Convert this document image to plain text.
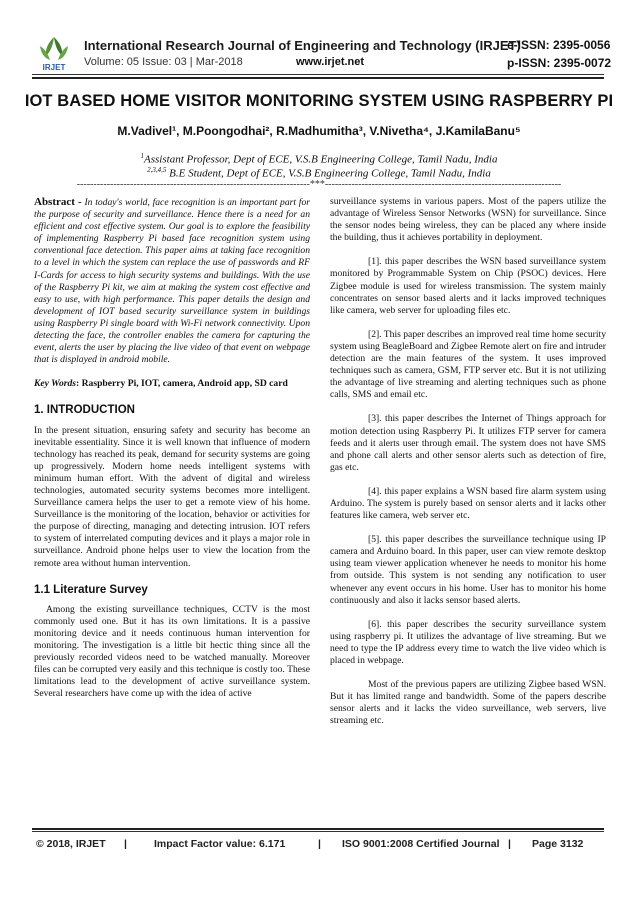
IRJET
International Research Journal of Engineering and Technology (IRJET)
e-ISSN: 2395-0056
Volume: 05 Issue: 03 | Mar-2018	www.irjet.net	p-ISSN: 2395-0072
IOT BASED HOME VISITOR MONITORING SYSTEM USING RASPBERRY PI
M.Vadivel¹, M.Poongodhai², R.Madhumitha³, V.Nivetha⁴, J.KamilaBanu⁵
$^1$Assistant Professor, Dept of ECE, V.S.B Engineering College, Tamil Nadu, India
$^{2,3,4,5}$ B.E Student, Dept of ECE, V.S.B Engineering College, Tamil Nadu, India
----------------------------------------------------------------------***-----------------------------------------------------------------------

Abstract - In today's world, face recognition is an important part for the purpose of security and surveillance. Hence there is a need for an efficient and cost effective system. Our goal is to explore the feasibility of implementing Raspberry Pi based face recognition system using conventional face detection. This paper aims at taking face recognition to a level in which the system can replace the use of passwords and RF I-Cards for access to high security systems and buildings. With the use of the Raspberry Pi kit, we aim at making the system cost effective and easy to use, with high performance. This paper details the design and development of IOT based security surveillance system in buildings using Raspberry Pi single board with Wi-Fi network connectivity. Upon detecting the face, the controller enables the camera for capturing the event, alerts the user by placing the live video of that event on webpage that is displayed in android mobile.

Key Words: Raspberry Pi, IOT, camera, Android app, SD card

1. INTRODUCTION

In the present situation, ensuring safety and security has become an inevitable essentiality. Since it is well known that influence of modern technology has reached its peak, demand for security systems are going up progressively. Modern home needs intelligent systems with minimum human effort. With the advent of digital and wireless technologies, automated security systems becomes more intelligent. Surveillance camera helps the user to get a remote view of his home. Surveillance is the monitoring of the location, behavior or activities for the purpose of directing, managing and detecting intrusion. IOT refers to system of interrelated computing devices and it plays a major role in surveillance. Android phone helps user to view the location from the remote area without human intervention.

1.1 Literature Survey

Among the existing surveillance techniques, CCTV is the most commonly used one. But it has its own limitations. It is a passive monitoring device and it needs continuous human intervention for monitoring. The investigation is a little bit hectic thing since all the previously recorded videos need to be watched manually. Moreover files can be corrupted very easily and this technique is costly too. These limitations lead to the development of active surveillance system. Several researchers have come up with the idea of active

surveillance systems in various papers. Most of the papers utilize the advantage of Wireless Sensor Networks (WSN) for surveillance. Since the sensor nodes being wireless, they can be placed any where inside the building, thus it achieves portability in deployment.

[1]. this paper describes the WSN based surveillance system monitored by Programmable System on Chip (PSOC) devices. Here Zigbee module is used for wireless transmission. The system mainly concentrates on sensor based alerts and it lacks improved techniques like camera, web server for uploading files etc.

[2]. This paper describes an improved real time home security system using BeagleBoard and Zigbee Remote alert on fire and intruder detection are the main features of the system. It uses improved techniques such as camera, GSM, FTP server etc. But it is not utilizing the advantage of live streaming and alerting techniques such as phone calls, SMS and email etc.

[3]. this paper describes the Internet of Things approach for motion detection using Raspberry Pi. It utilizes FTP server for camera feeds and it alerts user through email. The system does not have SMS and phone call alerts and other sensor alerts such as detection of fire, gas etc.

[4]. this paper explains a WSN based fire alarm system using Arduino. The system is purely based on sensor alerts and it lacks other features like camera, web server etc.

[5]. this paper describes the surveillance technique using IP camera and Arduino board. In this paper, user can view remote desktop using team viewer application whenever he needs to monitor his home from outside. This system is not sending any notification to user whenever any event occurs in his home. User has to monitor his home continuously and also it lacks sensor based alerts.

[6]. this paper describes the security surveillance system using raspberry pi. It utilizes the advantage of live streaming. But we need to type the IP address every time to watch the live video which is placed in webpage.

Most of the previous papers are utilizing Zigbee based WSN. But it has limited range and bandwidth. Some of the papers describe sensor alerts and it lacks the video surveillance, web servers, live streaming etc.

© 2018, IRJET |	Impact Factor value: 6.171	| ISO 9001:2008 Certified Journal | Page 3132
